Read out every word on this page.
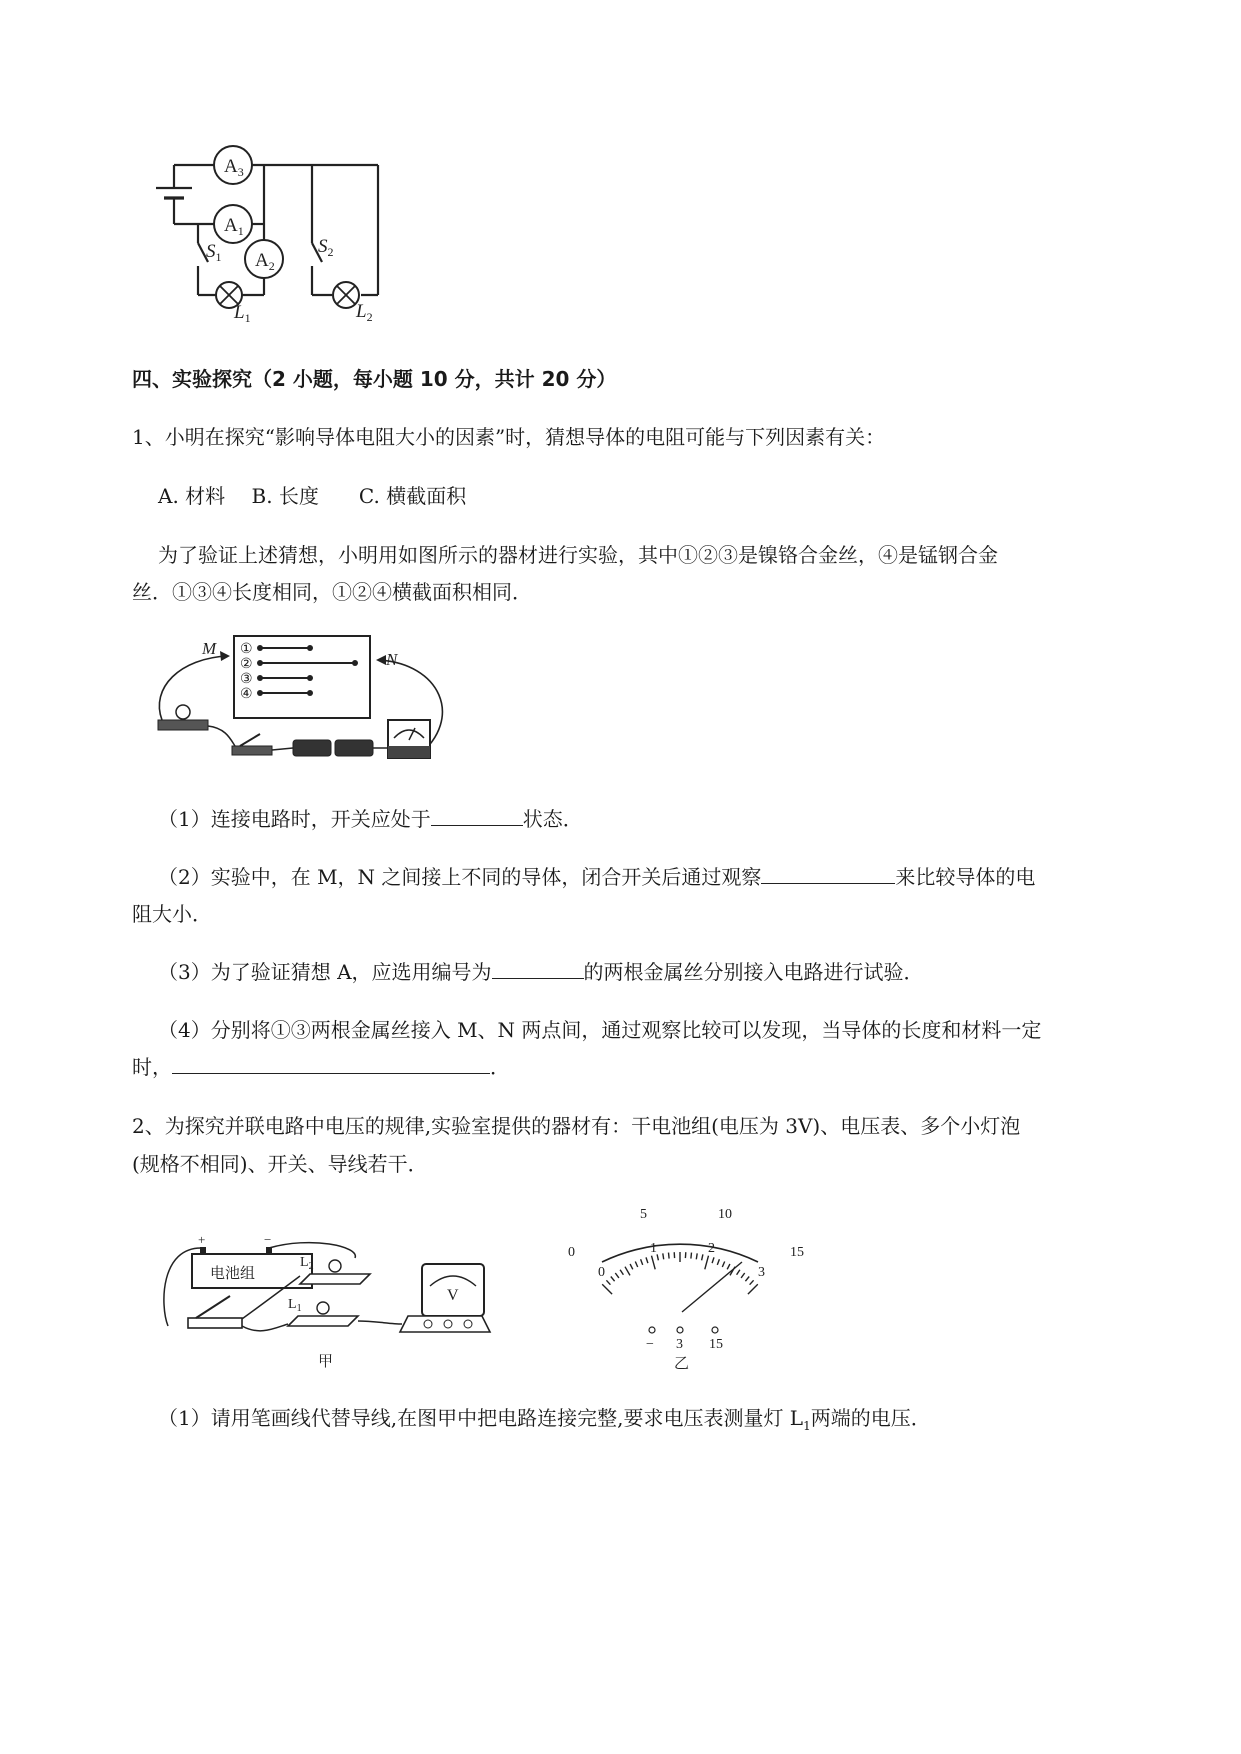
$A_3$
$A_1$
$A_2$
$S_1$	$S_2$
$L_1$	$L_2$
四、实验探究（2 小题，每小题 10 分，共计 20 分）
1、小明在探究“影响导体电阻大小的因素”时，猜想导体的电阻可能与下列因素有关：
A. 材料　 B. 长度　　C. 横截面积
为了验证上述猜想，小明用如图所示的器材进行实验，其中①②③是镍铬合金丝，④是锰钢合金
丝．①③④长度相同，①②④横截面积相同．
①
②
③
④
M
N
（1）连接电路时，开关应处于	状态．
（2）实验中，在 M，N 之间接上不同的导体，闭合开关后通过观察	来比较导体的电
阻大小．
（3）为了验证猜想 A，应选用编号为	的两根金属丝分别接入电路进行试验．
（4）分别将①③两根金属丝接入 M、N 两点间，通过观察比较可以发现，当导体的长度和材料一定
时，	．
2、为探究并联电路中电压的规律,实验室提供的器材有：干电池组(电压为 3V)、电压表、多个小灯泡
(规格不相同)、开关、导线若干．
电池组
+	−
$L_2$
$L_1$
V
甲
0
5	10
15
0
1	2
3
− 3 15
乙
（1）请用笔画线代替导线,在图甲中把电路连接完整,要求电压表测量灯 $L_1$两端的电压．
